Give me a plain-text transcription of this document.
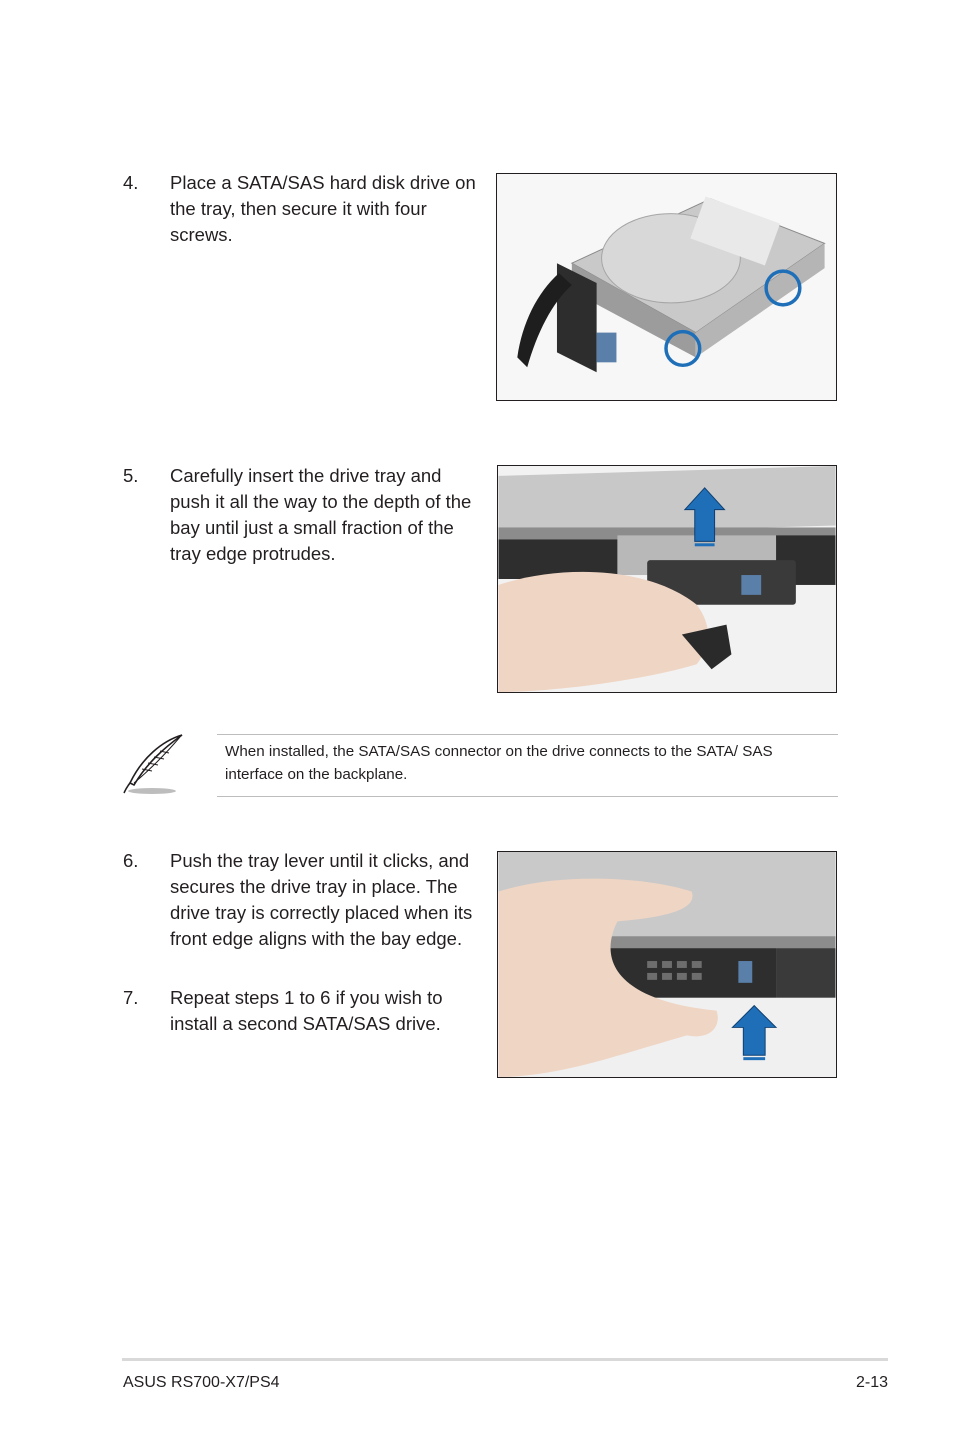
4. Place a SATA/SAS hard disk drive on the tray, then secure it with four screws.
5. Carefully insert the drive tray and push it all the way to the depth of the bay until just a small fraction of the tray edge protrudes.
When installed, the SATA/SAS connector on the drive connects to the SATA/ SAS interface on the backplane.
6. Push the tray lever until it clicks, and secures the drive tray in place. The drive tray is correctly placed when its front edge aligns with the bay edge.
7. Repeat steps 1 to 6 if you wish to install a second SATA/SAS drive.
ASUS RS700-X7/PS4	2-13
